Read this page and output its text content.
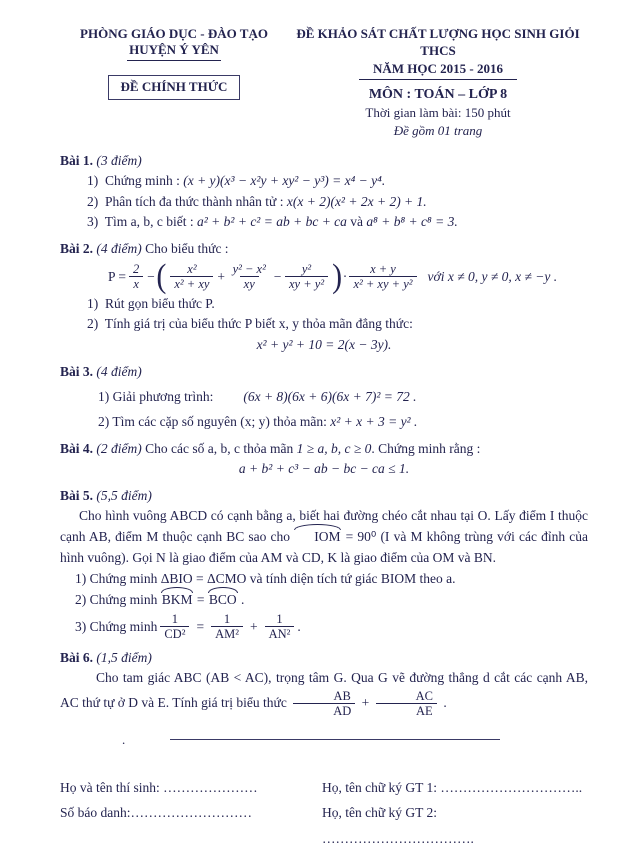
PHÒNG GIÁO DỤC - ĐÀO TẠO
HUYỆN Ý YÊN
ĐỀ CHÍNH THỨC
ĐỀ KHẢO SÁT CHẤT LƯỢNG HỌC SINH GIỎI THCS
NĂM HỌC 2015 - 2016
MÔN : TOÁN – LỚP 8
Thời gian làm bài: 150 phút
Đề gồm 01 trang
Bài 1. (3 điểm)
1) Chứng minh : (x + y)(x³ − x²y + xy² − y³) = x⁴ − y⁴.
2) Phân tích đa thức thành nhân tử : x(x + 2)(x² + 2x + 2) + 1.
3) Tìm a, b, c biết : a² + b² + c² = ab + bc + ca và a⁸ + b⁸ + c⁸ = 3.
Bài 2. (4 điểm) Cho biểu thức :
$P = \frac{2}{x}$ − ( $\frac{\text{x²}}{\text{x² + xy}} + \frac{\text{y² − x²}}{xy} - \frac{\text{y²}}{\text{xy + y²}}$ ) · $\frac{x + y}{\text{x² + xy + y²}}$ với x ≠ 0, y ≠ 0, x ≠ −y .
1) Rút gọn biểu thức P.
2) Tính giá trị của biểu thức P biết x, y thỏa mãn đẳng thức:
x² + y² + 10 = 2(x − 3y).
Bài 3. (4 điểm)
1) Giải phương trình: (6x + 8)(6x + 6)(6x + 7)² = 72 .
2) Tìm các cặp số nguyên (x; y) thỏa mãn: x² + x + 3 = y² .
Bài 4. (2 điểm) Cho các số a, b, c thỏa mãn 1 ≥ a, b, c ≥ 0. Chứng minh rằng :
a + b² + c³ − ab − bc − ca ≤ 1.
Bài 5. (5,5 điểm)
Cho hình vuông ABCD có cạnh bằng a, biết hai đường chéo cắt nhau tại O. Lấy điểm I thuộc cạnh AB, điểm M thuộc cạnh BC sao cho IOM = 90⁰ (I và M không trùng với các đỉnh của hình vuông). Gọi N là giao điểm của AM và CD, K là giao điểm của OM và BN.
1) Chứng minh ΔBIO = ΔCMO và tính diện tích tứ giác BIOM theo a.
2) Chứng minh BKM = BCO .
3) Chứng minh $\frac{1}{\text{CD²}} = \frac{1}{\text{AM²}} + \frac{1}{\text{AN²}}$ .
Bài 6. (1,5 điểm)
Cho tam giác ABC (AB < AC), trọng tâm G. Qua G vẽ đường thẳng d cắt các cạnh AB, AC thứ tự ở D và E. Tính giá trị biểu thức $\frac{AB}{AD} + \frac{AC}{AE}$ .
.
Họ và tên thí sinh: …………………	Họ, tên chữ ký GT 1: …………………………..
Số báo danh:………………………	Họ, tên chữ ký GT 2: …………………………….
